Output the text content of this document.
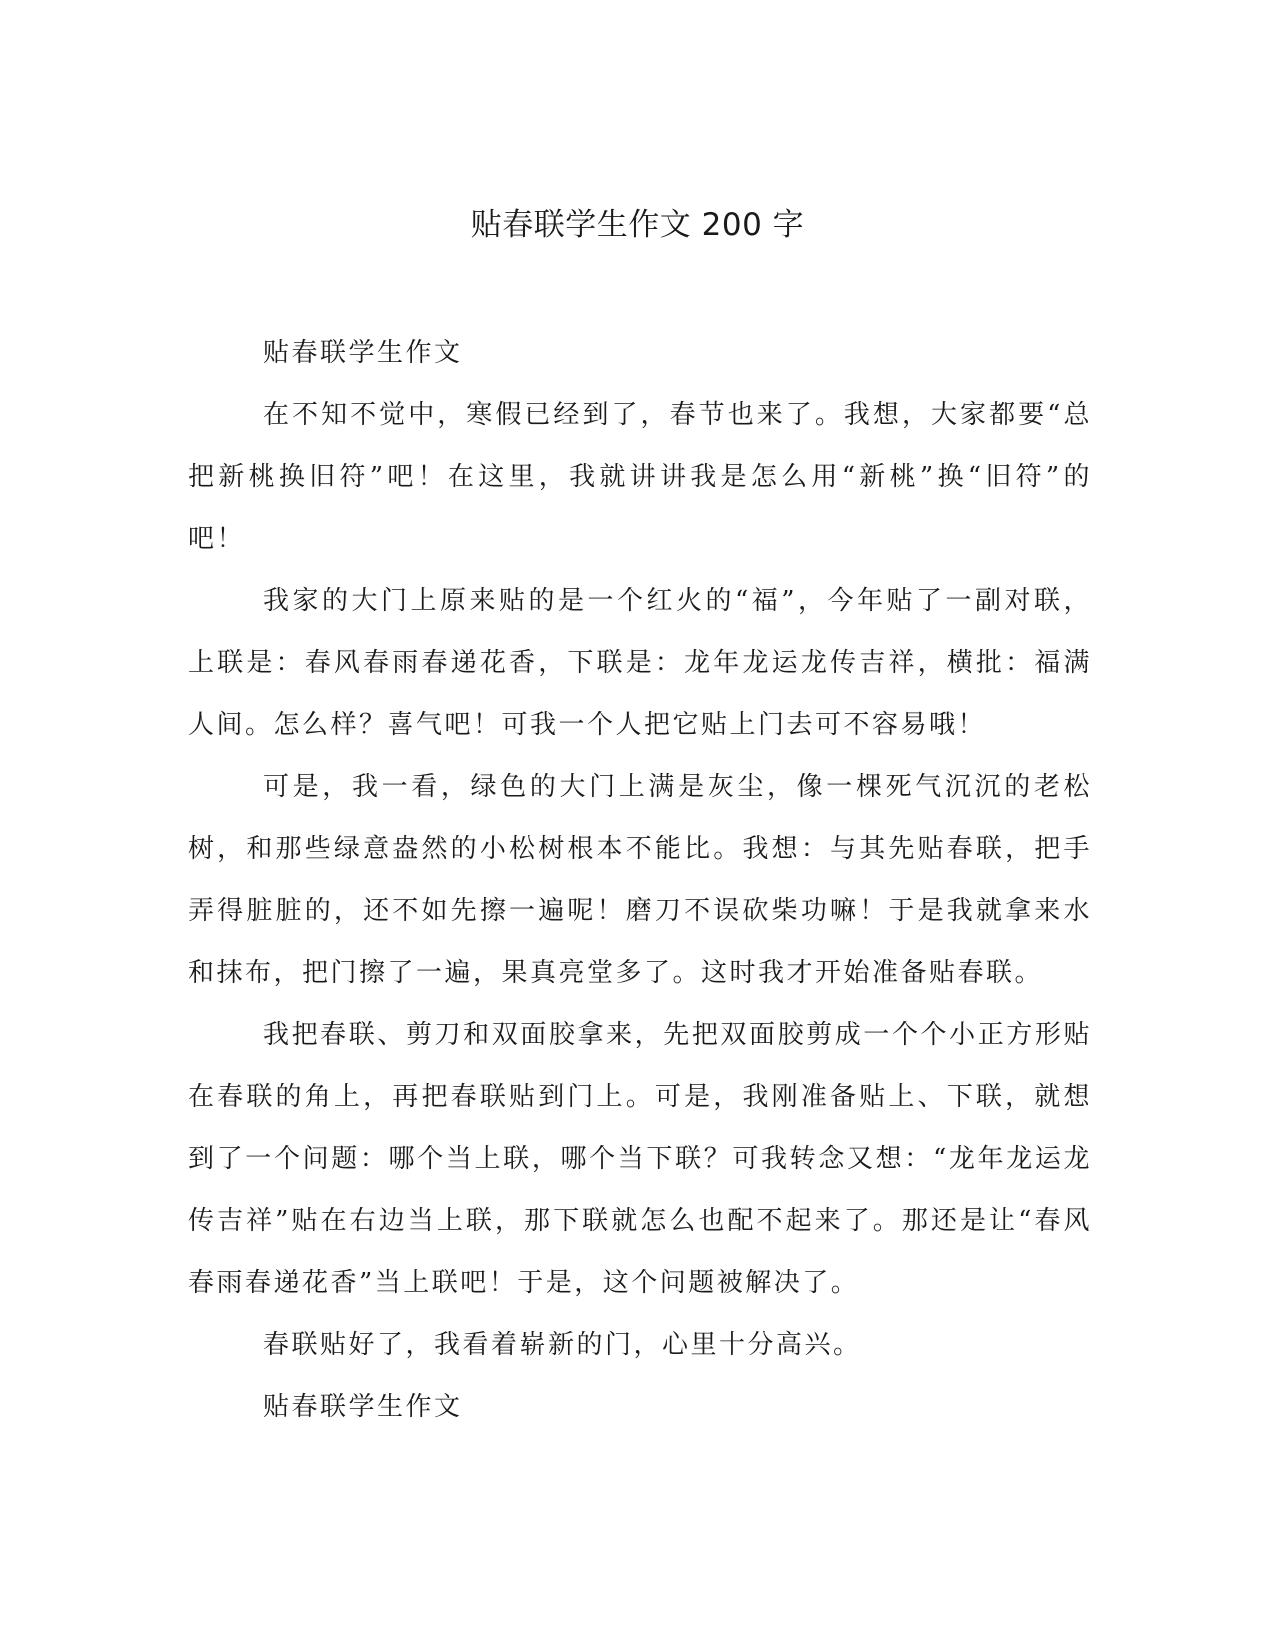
贴春联学生作文 200 字

贴春联学生作文

在不知不觉中，寒假已经到了，春节也来了。我想，大家都要“总把新桃换旧符”吧！在这里，我就讲讲我是怎么用“新桃”换“旧符”的吧！

我家的大门上原来贴的是一个红火的“福”，今年贴了一副对联，上联是：春风春雨春递花香，下联是：龙年龙运龙传吉祥，横批：福满人间。怎么样？喜气吧！可我一个人把它贴上门去可不容易哦！

可是，我一看，绿色的大门上满是灰尘，像一棵死气沉沉的老松树，和那些绿意盎然的小松树根本不能比。我想：与其先贴春联，把手弄得脏脏的，还不如先擦一遍呢！磨刀不误砍柴功嘛！于是我就拿来水和抹布，把门擦了一遍，果真亮堂多了。这时我才开始准备贴春联。

我把春联、剪刀和双面胶拿来，先把双面胶剪成一个个小正方形贴在春联的角上，再把春联贴到门上。可是，我刚准备贴上、下联，就想到了一个问题：哪个当上联，哪个当下联？可我转念又想：“龙年龙运龙传吉祥”贴在右边当上联，那下联就怎么也配不起来了。那还是让“春风春雨春递花香”当上联吧！于是，这个问题被解决了。

春联贴好了，我看着崭新的门，心里十分高兴。

贴春联学生作文
